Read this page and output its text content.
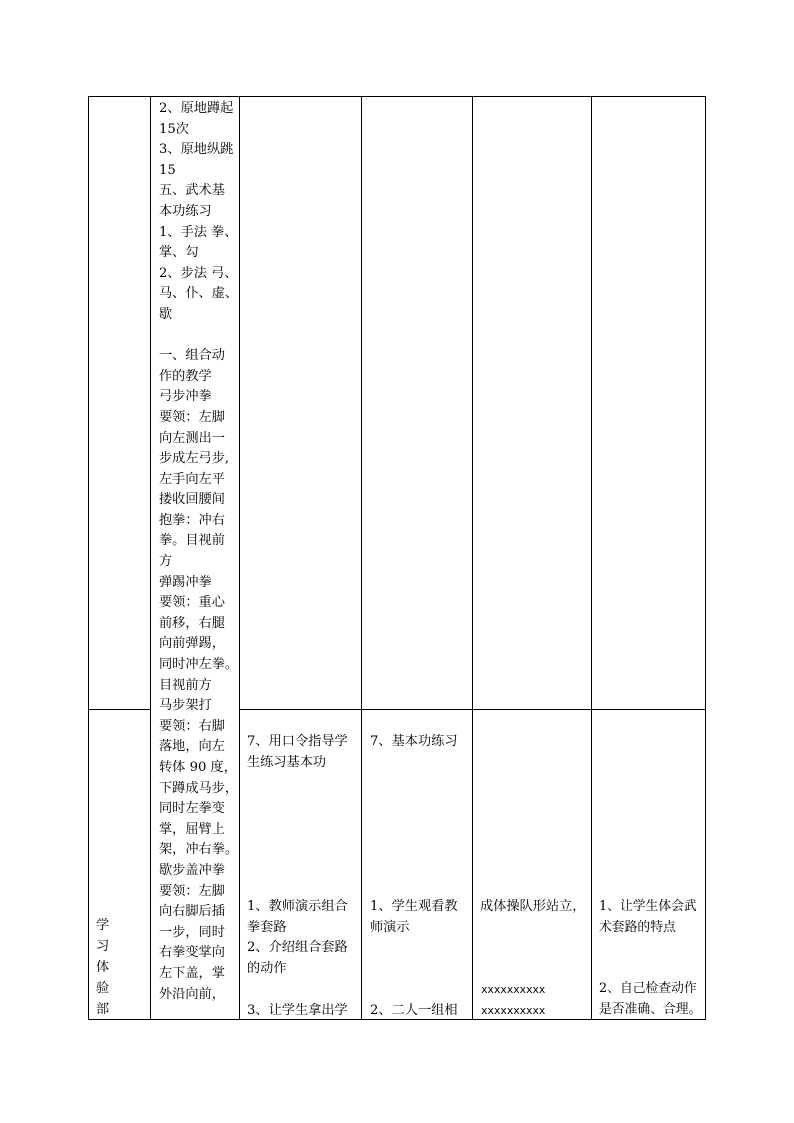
2、原地蹲起
15次
3、原地纵跳
15
五、武术基
本功练习
1、手法 拳、
掌、勾
2、步法 弓、
马、仆、虚、
歇
一、组合动
作的教学
弓步冲拳
要领：左脚
向左测出一
步成左弓步,
左手向左平
搂收回腰间
抱拳：冲右
拳。目视前
方
弹踢冲拳
要领：重心
前移，右腿
向前弹踢，
同时冲左拳。
目视前方
马步架打
要领：右脚
落地，向左
转体 90 度，
下蹲成马步，
同时左拳变
掌，屈臂上
架，冲右拳。
歇步盖冲拳
要领：左脚
向右脚后插
一步，同时
右拳变掌向
左下盖，掌
外沿向前，
学
习
体
验
部
7、用口令指导学
生练习基本功
1、教师演示组合
拳套路
2、介绍组合套路
的动作
3、让学生拿出学
7、基本功练习
1、学生观看教
师演示
2、二人一组相
成体操队形站立，
xxxxxxxxxx
xxxxxxxxxx
1、让学生体会武
术套路的特点
2、自己检查动作
是否准确、合理。
